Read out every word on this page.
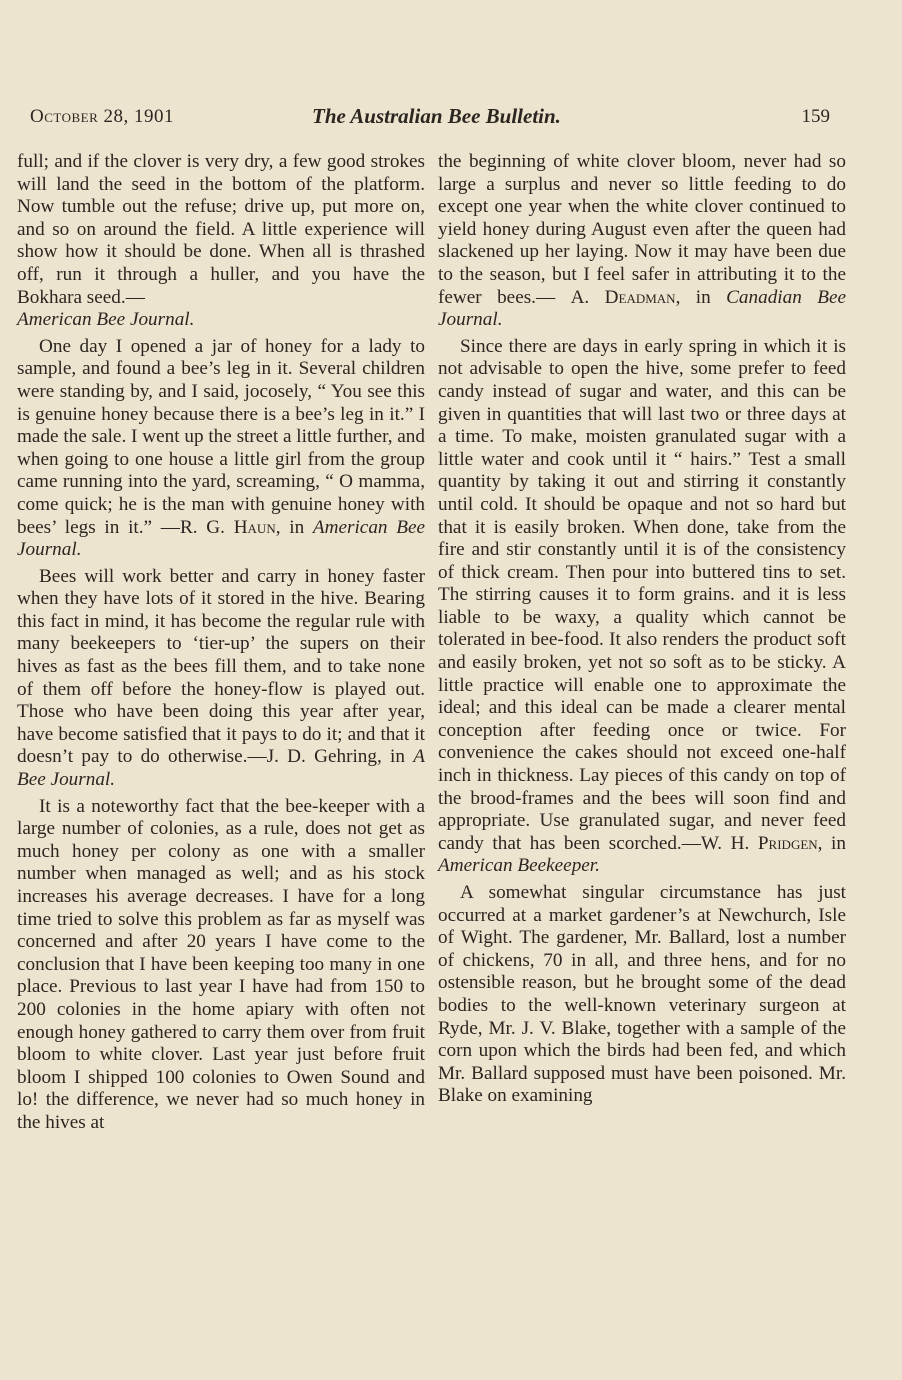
October 28, 1901	The Australian Bee Bulletin.	159

full; and if the clover is very dry, a few good strokes will land the seed in the bottom of the platform. Now tumble out the refuse; drive up, put more on, and so on around the field. A little experience will show how it should be done. When all is thrashed off, run it through a huller, and you have the Bokhara seed.—
American Bee Journal.

One day I opened a jar of honey for a lady to sample, and found a bee’s leg in it. Several children were standing by, and I said, jocosely, “ You see this is genuine honey because there is a bee’s leg in it.” I made the sale. I went up the street a little further, and when going to one house a little girl from the group came running into the yard, screaming, “ O mamma, come quick; he is the man with genuine honey with bees’ legs in it.” —R. G. Haun, in American Bee Journal.

Bees will work better and carry in honey faster when they have lots of it stored in the hive. Bearing this fact in mind, it has become the regular rule with many beekeepers to ‘tier-up’ the supers on their hives as fast as the bees fill them, and to take none of them off before the honey-flow is played out. Those who have been doing this year after year, have become satisfied that it pays to do it; and that it doesn’t pay to do otherwise.—J. D. Gehring, in A Bee Journal.

It is a noteworthy fact that the bee-keeper with a large number of colonies, as a rule, does not get as much honey per colony as one with a smaller number when managed as well; and as his stock increases his average decreases. I have for a long time tried to solve this problem as far as myself was concerned and after 20 years I have come to the conclusion that I have been keeping too many in one place. Previous to last year I have had from 150 to 200 colonies in the home apiary with often not enough honey gathered to carry them over from fruit bloom to white clover. Last year just before fruit bloom I shipped 100 colonies to Owen Sound and lo! the difference, we never had so much honey in the hives at

the beginning of white clover bloom, never had so large a surplus and never so little feeding to do except one year when the white clover continued to yield honey during August even after the queen had slackened up her laying. Now it may have been due to the season, but I feel safer in attributing it to the fewer bees.— A. Deadman, in Canadian Bee Journal.

Since there are days in early spring in which it is not advisable to open the hive, some prefer to feed candy instead of sugar and water, and this can be given in quantities that will last two or three days at a time. To make, moisten granulated sugar with a little water and cook until it “ hairs.” Test a small quantity by taking it out and stirring it constantly until cold. It should be opaque and not so hard but that it is easily broken. When done, take from the fire and stir constantly until it is of the consistency of thick cream. Then pour into buttered tins to set. The stirring causes it to form grains. and it is less liable to be waxy, a quality which cannot be tolerated in bee-food. It also renders the product soft and easily broken, yet not so soft as to be sticky. A little practice will enable one to approximate the ideal; and this ideal can be made a clearer mental conception after feeding once or twice. For convenience the cakes should not exceed one-half inch in thickness. Lay pieces of this candy on top of the brood-frames and the bees will soon find and appropriate. Use granulated sugar, and never feed candy that has been scorched.—W. H. Pridgen, in American Beekeeper.

A somewhat singular circumstance has just occurred at a market gardener’s at Newchurch, Isle of Wight. The gardener, Mr. Ballard, lost a number of chickens, 70 in all, and three hens, and for no ostensible reason, but he brought some of the dead bodies to the well-known veterinary surgeon at Ryde, Mr. J. V. Blake, together with a sample of the corn upon which the birds had been fed, and which Mr. Ballard supposed must have been poisoned. Mr. Blake on examining
